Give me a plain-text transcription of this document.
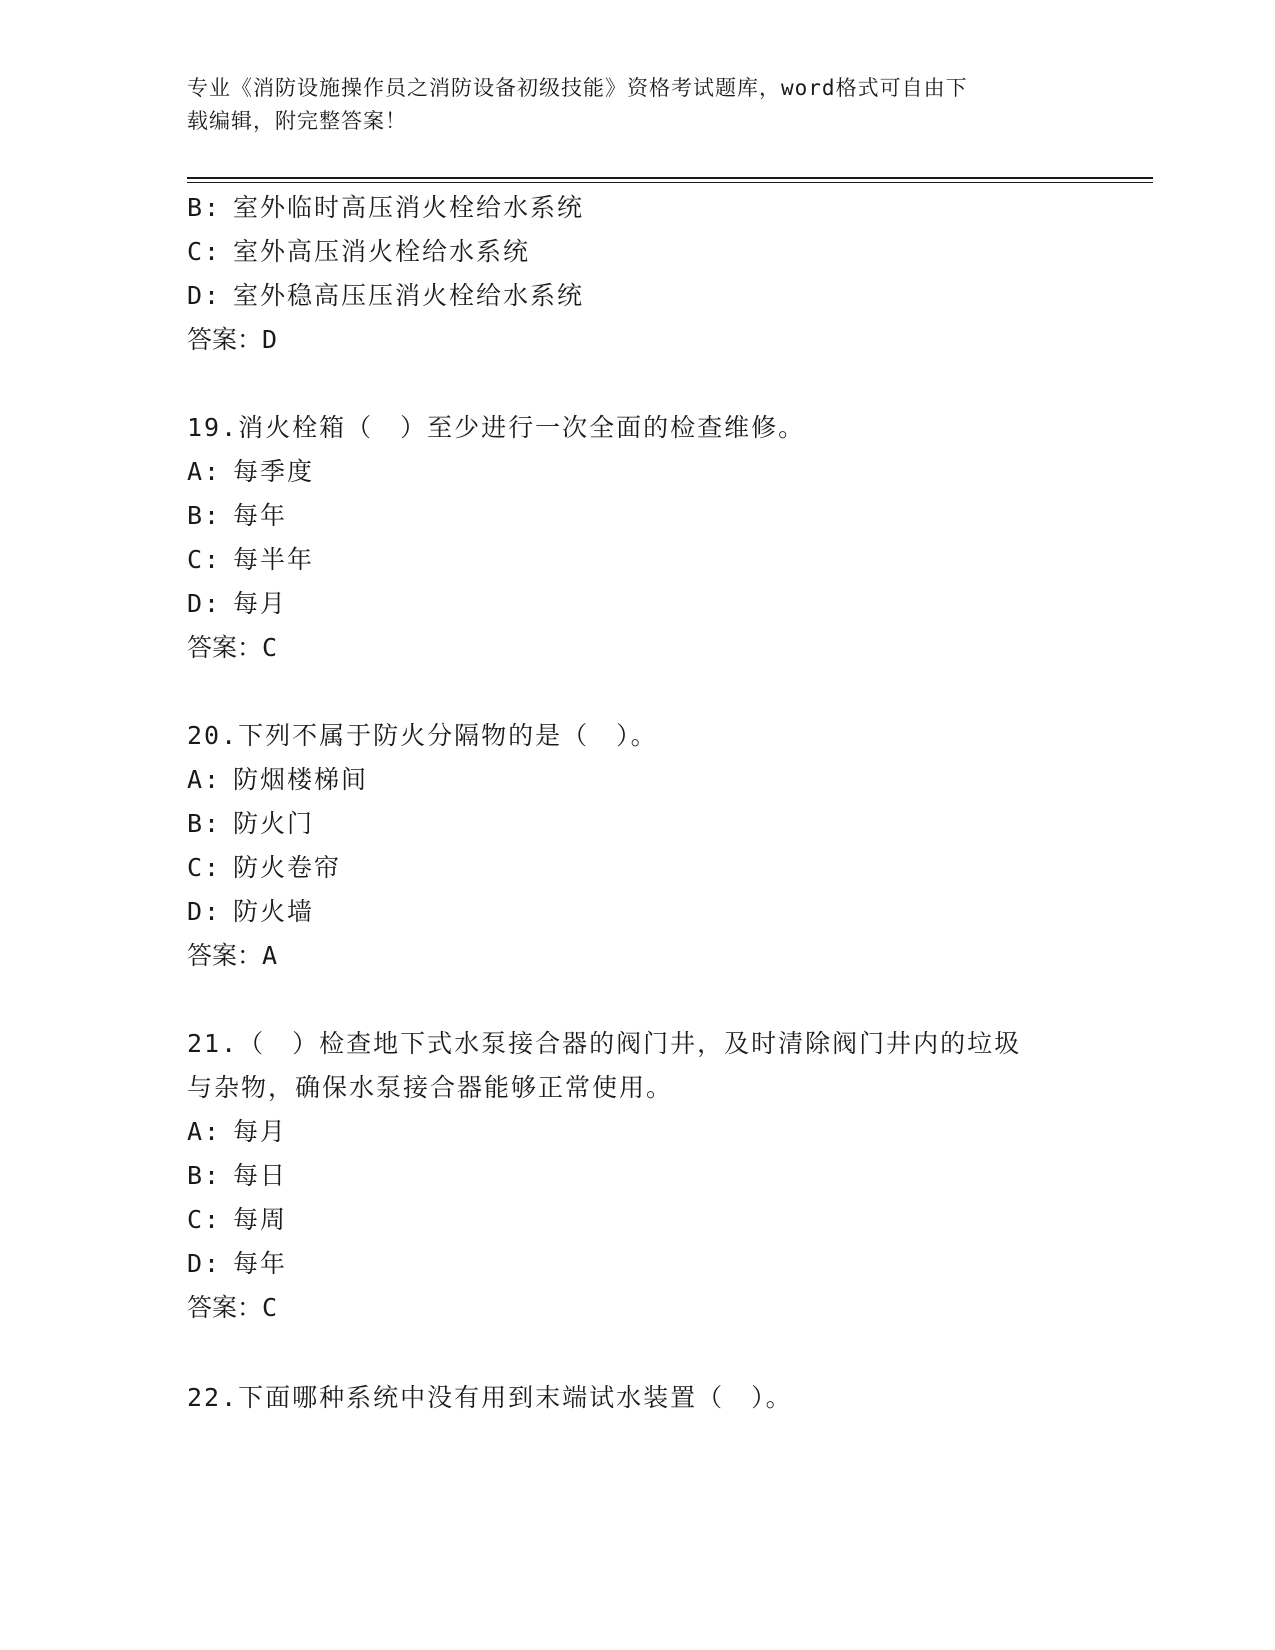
专业《消防设施操作员之消防设备初级技能》资格考试题库，word格式可自由下
载编辑，附完整答案！
B: 室外临时高压消火栓给水系统
C: 室外高压消火栓给水系统
D: 室外稳高压压消火栓给水系统
答案：D
19.消火栓箱（　）至少进行一次全面的检查维修。
A: 每季度
B: 每年
C: 每半年
D: 每月
答案：C
20.下列不属于防火分隔物的是（　）。
A: 防烟楼梯间
B: 防火门
C: 防火卷帘
D: 防火墙
答案：A
21.（　）检查地下式水泵接合器的阀门井，及时清除阀门井内的垃圾
与杂物，确保水泵接合器能够正常使用。
A: 每月
B: 每日
C: 每周
D: 每年
答案：C
22.下面哪种系统中没有用到末端试水装置（　）。
